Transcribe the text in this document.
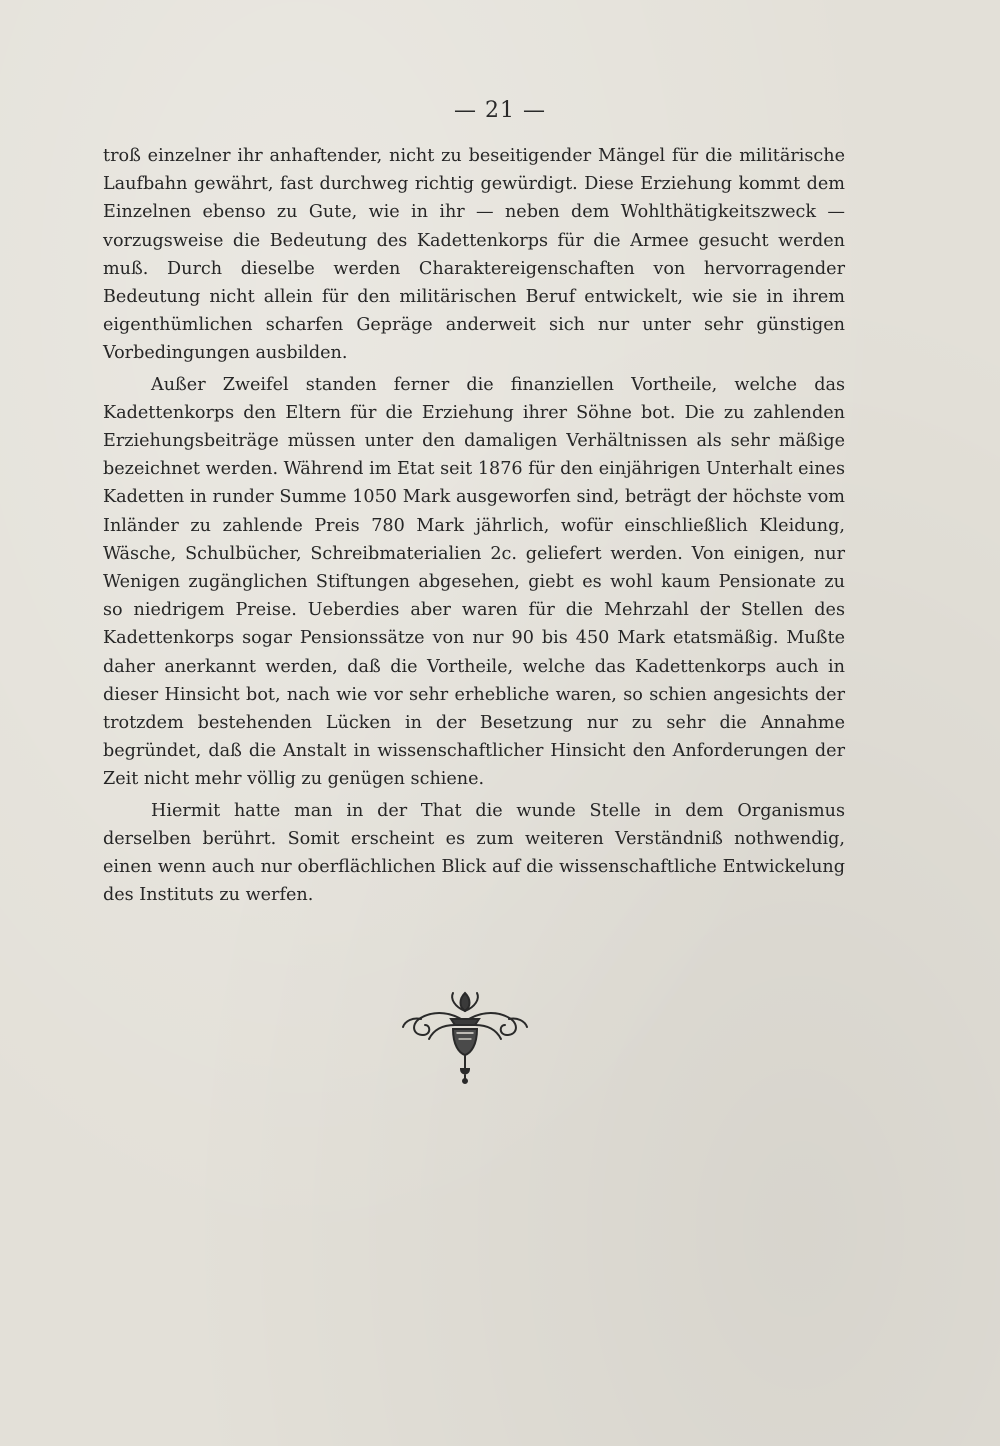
— 21 —

troß einzelner ihr anhaftender, nicht zu beseitigender Mängel für die militärische Laufbahn gewährt, fast durchweg richtig gewürdigt. Diese Erziehung kommt dem Einzelnen ebenso zu Gute, wie in ihr — neben dem Wohlthätigkeitszweck — vorzugsweise die Bedeutung des Kadettenkorps für die Armee gesucht werden muß. Durch dieselbe werden Charaktereigenschaften von hervorragender Bedeutung nicht allein für den militärischen Beruf entwickelt, wie sie in ihrem eigenthümlichen scharfen Gepräge anderweit sich nur unter sehr günstigen Vorbedingungen ausbilden.

Außer Zweifel standen ferner die finanziellen Vortheile, welche das Kadettenkorps den Eltern für die Erziehung ihrer Söhne bot. Die zu zahlenden Erziehungsbeiträge müssen unter den damaligen Verhältnissen als sehr mäßige bezeichnet werden. Während im Etat seit 1876 für den einjährigen Unterhalt eines Kadetten in runder Summe 1050 Mark ausgeworfen sind, beträgt der höchste vom Inländer zu zahlende Preis 780 Mark jährlich, wofür einschließlich Kleidung, Wäsche, Schulbücher, Schreibmaterialien 2c. geliefert werden. Von einigen, nur Wenigen zugänglichen Stiftungen abgesehen, giebt es wohl kaum Pensionate zu so niedrigem Preise. Ueberdies aber waren für die Mehrzahl der Stellen des Kadettenkorps sogar Pensionssätze von nur 90 bis 450 Mark etatsmäßig. Mußte daher anerkannt werden, daß die Vortheile, welche das Kadettenkorps auch in dieser Hinsicht bot, nach wie vor sehr erhebliche waren, so schien angesichts der trotzdem bestehenden Lücken in der Besetzung nur zu sehr die Annahme begründet, daß die Anstalt in wissenschaftlicher Hinsicht den Anforderungen der Zeit nicht mehr völlig zu genügen schiene.

Hiermit hatte man in der That die wunde Stelle in dem Organismus derselben berührt. Somit erscheint es zum weiteren Verständniß nothwendig, einen wenn auch nur oberflächlichen Blick auf die wissenschaftliche Entwickelung des Instituts zu werfen.
